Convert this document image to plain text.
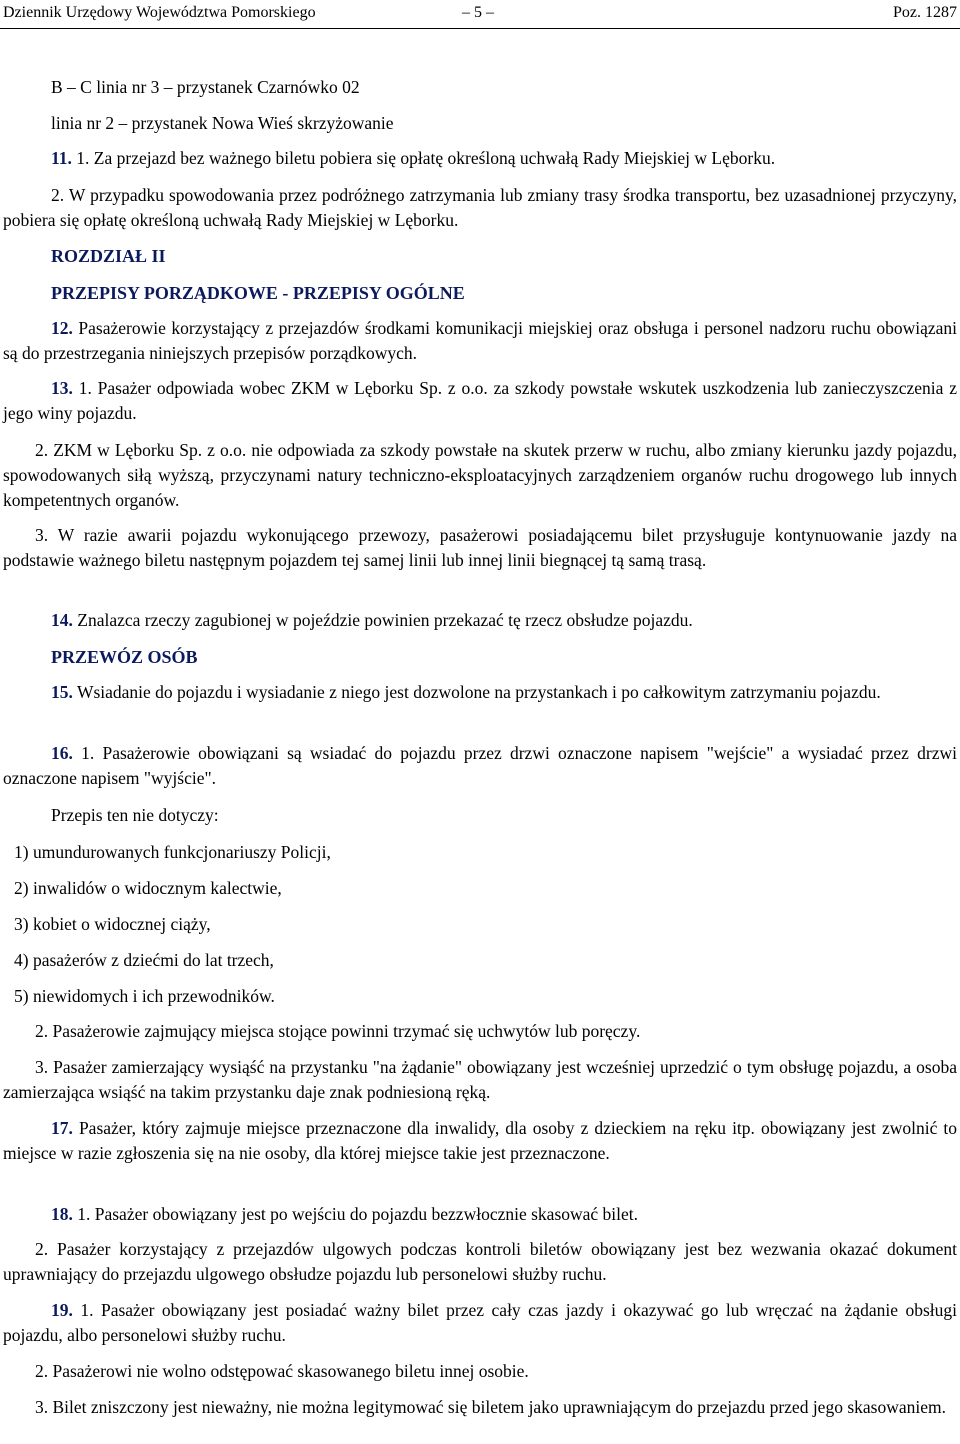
Dziennik Urzędowy Województwa Pomorskiego	– 5 –	Poz. 1287
B – C linia nr 3 – przystanek Czarnówko 02
linia nr 2 – przystanek Nowa Wieś skrzyżowanie
11. 1. Za przejazd bez ważnego biletu pobiera się opłatę określoną uchwałą Rady Miejskiej w Lęborku.
2. W przypadku spowodowania przez podróżnego zatrzymania lub zmiany trasy środka transportu, bez uzasadnionej przyczyny, pobiera się opłatę określoną uchwałą Rady Miejskiej w Lęborku.
ROZDZIAŁ II
PRZEPISY PORZĄDKOWE - PRZEPISY OGÓLNE
12. Pasażerowie korzystający z przejazdów środkami komunikacji miejskiej oraz obsługa i personel nadzoru ruchu obowiązani są do przestrzegania niniejszych przepisów porządkowych.
13. 1. Pasażer odpowiada wobec ZKM w Lęborku Sp. z o.o. za szkody powstałe wskutek uszkodzenia lub zanieczyszczenia z jego winy pojazdu.
2. ZKM w Lęborku Sp. z o.o. nie odpowiada za szkody powstałe na skutek przerw w ruchu, albo zmiany kierunku jazdy pojazdu, spowodowanych siłą wyższą, przyczynami natury techniczno-eksploatacyjnych zarządzeniem organów ruchu drogowego lub innych kompetentnych organów.
3. W razie awarii pojazdu wykonującego przewozy, pasażerowi posiadającemu bilet przysługuje kontynuowanie jazdy na podstawie ważnego biletu następnym pojazdem tej samej linii lub innej linii biegnącej tą samą trasą.
14. Znalazca rzeczy zagubionej w pojeździe powinien przekazać tę rzecz obsłudze pojazdu.
PRZEWÓZ OSÓB
15. Wsiadanie do pojazdu i wysiadanie z niego jest dozwolone na przystankach i po całkowitym zatrzymaniu pojazdu.
16. 1. Pasażerowie obowiązani są wsiadać do pojazdu przez drzwi oznaczone napisem "wejście" a wysiadać przez drzwi oznaczone napisem "wyjście".
Przepis ten nie dotyczy:
1) umundurowanych funkcjonariuszy Policji,
2) inwalidów o widocznym kalectwie,
3) kobiet o widocznej ciąży,
4) pasażerów z dziećmi do lat trzech,
5) niewidomych i ich przewodników.
2. Pasażerowie zajmujący miejsca stojące powinni trzymać się uchwytów lub poręczy.
3. Pasażer zamierzający wysiąść na przystanku "na żądanie" obowiązany jest wcześniej uprzedzić o tym obsługę pojazdu, a osoba zamierzająca wsiąść na takim przystanku daje znak podniesioną ręką.
17. Pasażer, który zajmuje miejsce przeznaczone dla inwalidy, dla osoby z dzieckiem na ręku itp. obowiązany jest zwolnić to miejsce w razie zgłoszenia się na nie osoby, dla której miejsce takie jest przeznaczone.
18. 1. Pasażer obowiązany jest po wejściu do pojazdu bezzwłocznie skasować bilet.
2. Pasażer korzystający z przejazdów ulgowych podczas kontroli biletów obowiązany jest bez wezwania okazać dokument uprawniający do przejazdu ulgowego obsłudze pojazdu lub personelowi służby ruchu.
19. 1. Pasażer obowiązany jest posiadać ważny bilet przez cały czas jazdy i okazywać go lub wręczać na żądanie obsługi pojazdu, albo personelowi służby ruchu.
2. Pasażerowi nie wolno odstępować skasowanego biletu innej osobie.
3. Bilet zniszczony jest nieważny, nie można legitymować się biletem jako uprawniającym do przejazdu przed jego skasowaniem.
